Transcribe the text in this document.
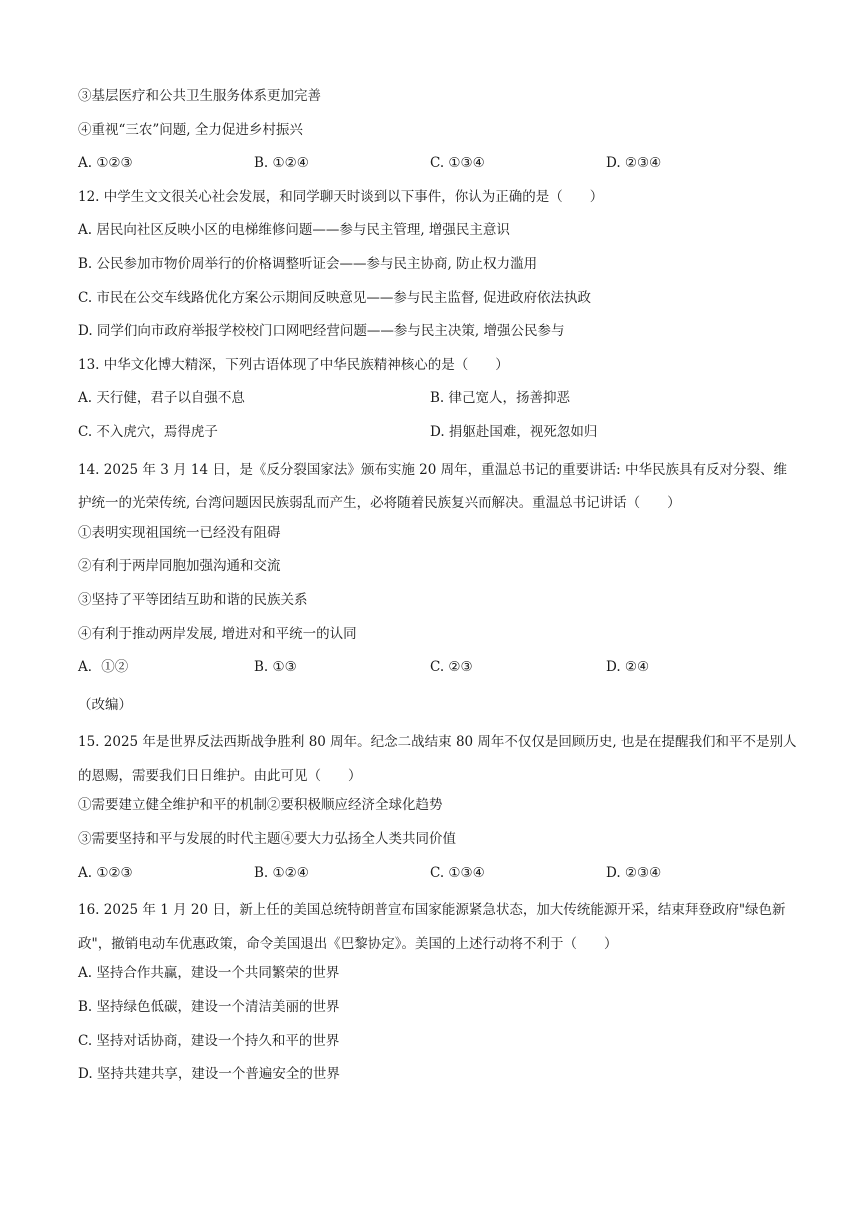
③基层医疗和公共卫生服务体系更加完善
④重视“三农”问题, 全力促进乡村振兴
A. ①②③	B. ①②④	C. ①③④	D. ②③④
12. 中学生文文很关心社会发展，和同学聊天时谈到以下事件，你认为正确的是（　　）
A. 居民向社区反映小区的电梯维修问题——参与民主管理, 增强民主意识
B. 公民参加市物价周举行的价格调整听证会——参与民主协商, 防止权力滥用
C. 市民在公交车线路优化方案公示期间反映意见——参与民主监督, 促进政府依法执政
D. 同学们向市政府举报学校校门口网吧经营问题——参与民主决策, 增强公民参与
13. 中华文化博大精深，下列古语体现了中华民族精神核心的是（　　）
A. 天行健，君子以自强不息	B. 律己宽人，扬善抑恶
C. 不入虎穴，焉得虎子	D. 捐躯赴国难，视死忽如归
14. 2025 年 3 月 14 日，是《反分裂国家法》颁布实施 20 周年，重温总书记的重要讲话: 中华民族具有反对分裂、维护统一的光荣传统, 台湾问题因民族弱乱而产生，必将随着民族复兴而解决。重温总书记讲话（　　）
①表明实现祖国统一已经没有阻碍
②有利于两岸同胞加强沟通和交流
③坚持了平等团结互助和谐的民族关系
④有利于推动两岸发展, 增进对和平统一的认同
A．①②	B. ①③	C. ②③	D. ②④
（改编）
15. 2025 年是世界反法西斯战争胜利 80 周年。纪念二战结束 80 周年不仅仅是回顾历史, 也是在提醒我们和平不是别人的恩赐，需要我们日日维护。由此可见（　　）
①需要建立健全维护和平的机制②要积极顺应经济全球化趋势
③需要坚持和平与发展的时代主题④要大力弘扬全人类共同价值
A. ①②③	B. ①②④	C. ①③④	D. ②③④
16. 2025 年 1 月 20 日，新上任的美国总统特朗普宣布国家能源紧急状态，加大传统能源开采，结束拜登政府"绿色新政"，撤销电动车优惠政策，命令美国退出《巴黎协定》。美国的上述行动将不利于（　　）
A. 坚持合作共赢，建设一个共同繁荣的世界
B. 坚持绿色低碳，建设一个清洁美丽的世界
C. 坚持对话协商，建设一个持久和平的世界
D. 坚持共建共享，建设一个普遍安全的世界
